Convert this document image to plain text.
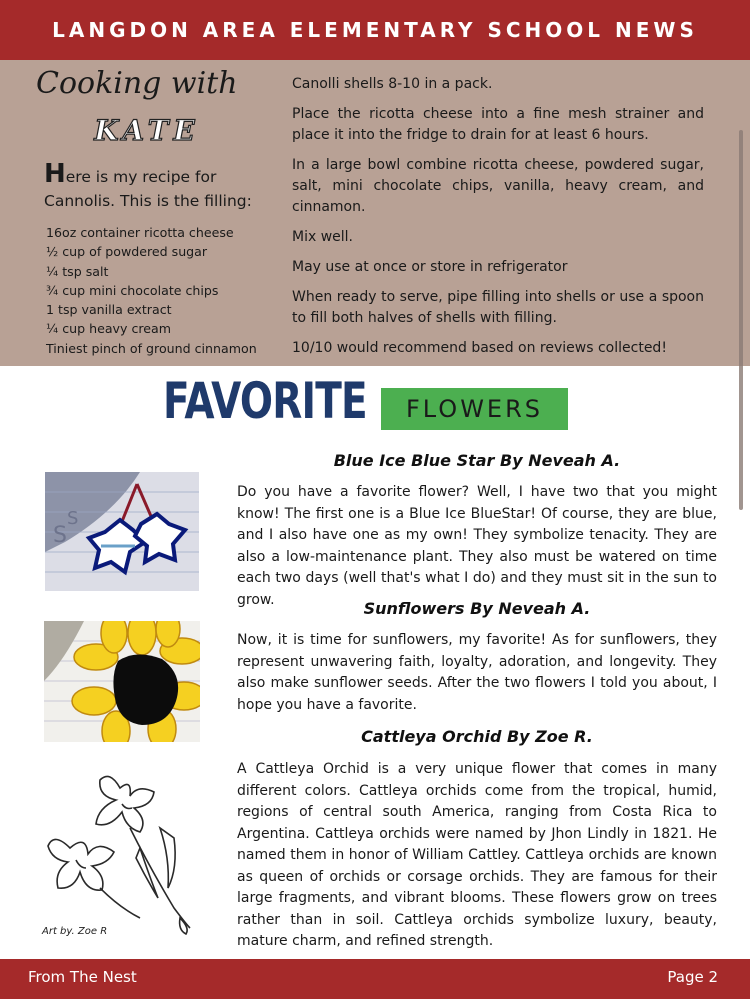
LANGDON AREA ELEMENTARY SCHOOL NEWS
Cooking with
KATE
Here is my recipe for Cannolis. This is the filling:
16oz container ricotta cheese
½ cup of powdered sugar
¼ tsp salt
¾ cup mini chocolate chips
1 tsp vanilla extract
¼ cup heavy cream
Tiniest pinch of ground cinnamon

Canolli shells 8-10 in a pack.

Place the ricotta cheese into a fine mesh strainer and place it into the fridge to drain for at least 6 hours.

In a large bowl combine ricotta cheese, powdered sugar, salt, mini chocolate chips, vanilla, heavy cream, and cinnamon.

Mix well.

May use at once or store in refrigerator

When ready to serve, pipe filling into shells or use a spoon to fill both halves of shells with filling.

10/10 would recommend based on reviews collected!

FAVORITE	FLOWERS
S
S
Art by. Zoe R
Blue Ice Blue Star By Neveah A.

Do you have a favorite flower? Well, I have two that you might know! The first one is a Blue Ice BlueStar! Of course, they are blue, and I also have one as my own! They symbolize tenacity. They are also a low-maintenance plant. They also must be watered on time each two days (well that's what I do) and they must sit in the sun to grow.	Sunflowers By Neveah A.

Now, it is time for sunflowers, my favorite! As for sunflowers, they represent unwavering faith, loyalty, adoration, and longevity. They also make sunflower seeds. After the two flowers I told you about, I hope you have a favorite.

Cattleya Orchid By Zoe R.

A Cattleya Orchid is a very unique flower that comes in many different colors. Cattleya orchids come from the tropical, humid, regions of central south America, ranging from Costa Rica to Argentina. Cattleya orchids were named by Jhon Lindly in 1821. He named them in honor of William Cattley. Cattleya orchids are known as queen of orchids or corsage orchids. They are famous for their large fragments, and vibrant blooms. These flowers grow on trees rather than in soil. Cattleya orchids symbolize luxury, beauty, mature charm, and refined strength.

From The Nest	Page 2
